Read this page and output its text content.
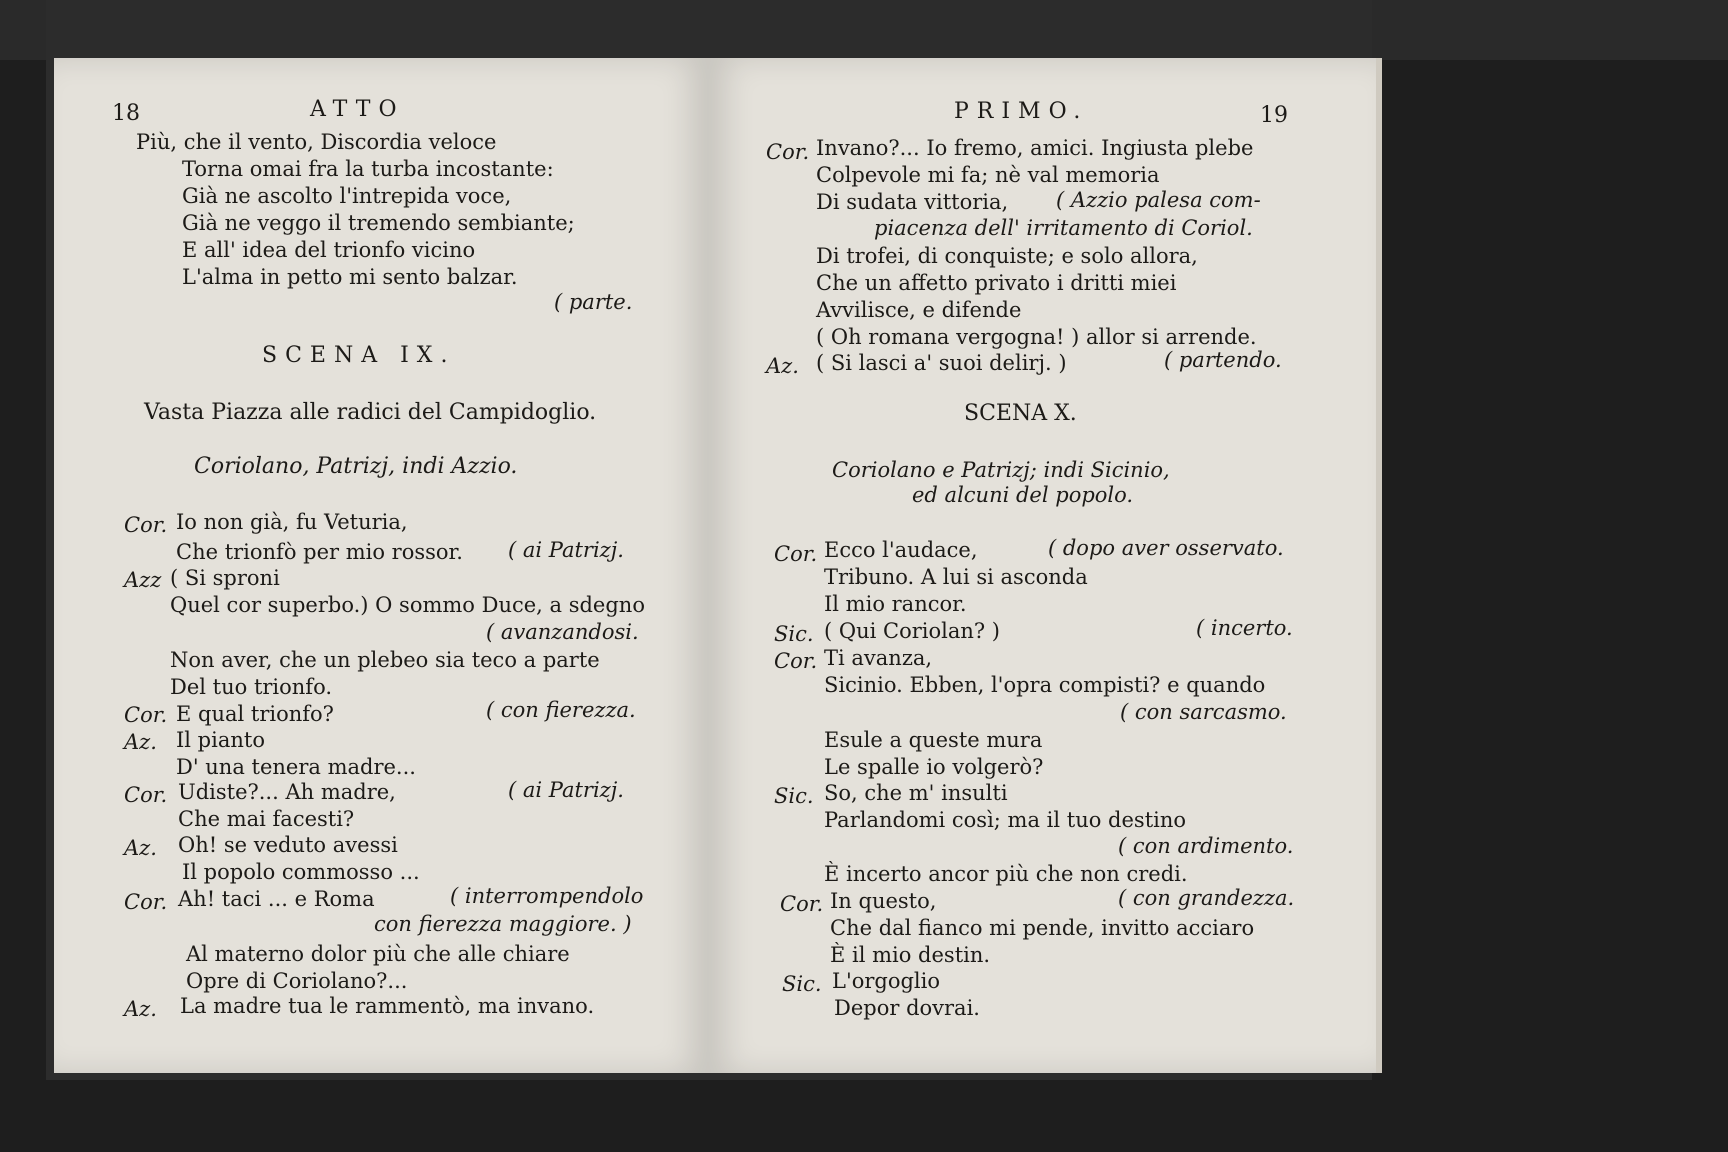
18	ATTO
Più, che il vento, Discordia veloce
Torna omai fra la turba incostante:
Già ne ascolto l'intrepida voce,
Già ne veggo il tremendo sembiante;
E all' idea del trionfo vicino
L'alma in petto mi sento balzar.
( parte.
SCENA IX.
Vasta Piazza alle radici del Campidoglio.
Coriolano, Patrizj, indi Azzio.
Cor. Io non già, fu Veturia,
Che trionfò per mio rossor. ( ai Patrizj.
Azz ( Si sproni
Quel cor superbo.) O sommo Duce, a sdegno
( avanzandosi.
Non aver, che un plebeo sia teco a parte
Del tuo trionfo.
Cor. E qual trionfo?	( con fierezza.
Az. Il pianto
D' una tenera madre...
Cor. Udiste?... Ah madre,	( ai Patrizj.
Che mai facesti?
Az. Oh! se veduto avessi
Il popolo commosso ...
Cor. Ah! taci ... e Roma	( interrompendolo
con fierezza maggiore. )
Al materno dolor più che alle chiare
Opre di Coriolano?...
Az. La madre tua le rammentò, ma invano.
PRIMO.	19
Cor. Invano?... Io fremo, amici. Ingiusta plebe
Colpevole mi fa; nè val memoria
Di sudata vittoria, ( Azzio palesa com-
piacenza dell' irritamento di Coriol.
Di trofei, di conquiste; e solo allora,
Che un affetto privato i dritti miei
Avvilisce, e difende
( Oh romana vergogna! ) allor si arrende.
Az. ( Si lasci a' suoi delirj. )	( partendo.
SCENA X.
Coriolano e Patrizj; indi Sicinio,
ed alcuni del popolo.
Cor. Ecco l'audace,	( dopo aver osservato.
Tribuno. A lui si asconda
Il mio rancor.
Sic. ( Qui Coriolan? )	( incerto.
Cor. Ti avanza,
Sicinio. Ebben, l'opra compisti? e quando
( con sarcasmo.
Esule a queste mura
Le spalle io volgerò?
Sic. So, che m' insulti
Parlandomi così; ma il tuo destino
( con ardimento.
È incerto ancor più che non credi.
Cor. In questo,	( con grandezza.
Che dal fianco mi pende, invitto acciaro
È il mio destin.
Sic. L'orgoglio
Depor dovrai.
